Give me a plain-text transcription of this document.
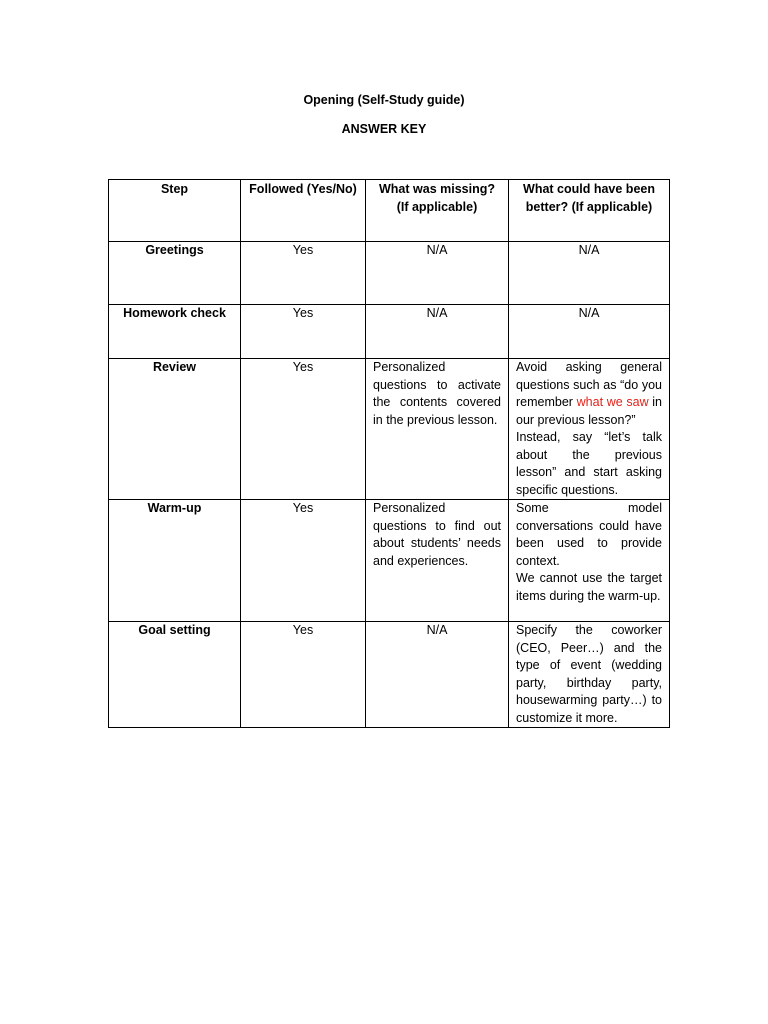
Opening (Self-Study guide)
ANSWER KEY
Step	Followed (Yes/No)	What was missing? (If applicable)	What could have been better? (If applicable)
Greetings	Yes	N/A	N/A
Homework check	Yes	N/A	N/A
Review	Yes	Personalized questions to activate the contents covered in the previous lesson.	Avoid asking general questions such as “do you remember what we saw in our previous lesson?”
Instead, say “let’s talk about the previous lesson” and start asking specific questions.

Warm-up	Yes	Personalized questions to find out about students’ needs and experiences.	Some model conversations could have been used to provide context.
We cannot use the target items during the warm-up.

Goal setting	Yes	N/A	Specify the coworker (CEO, Peer…) and the type of event (wedding party, birthday party, housewarming party…) to customize it more.
